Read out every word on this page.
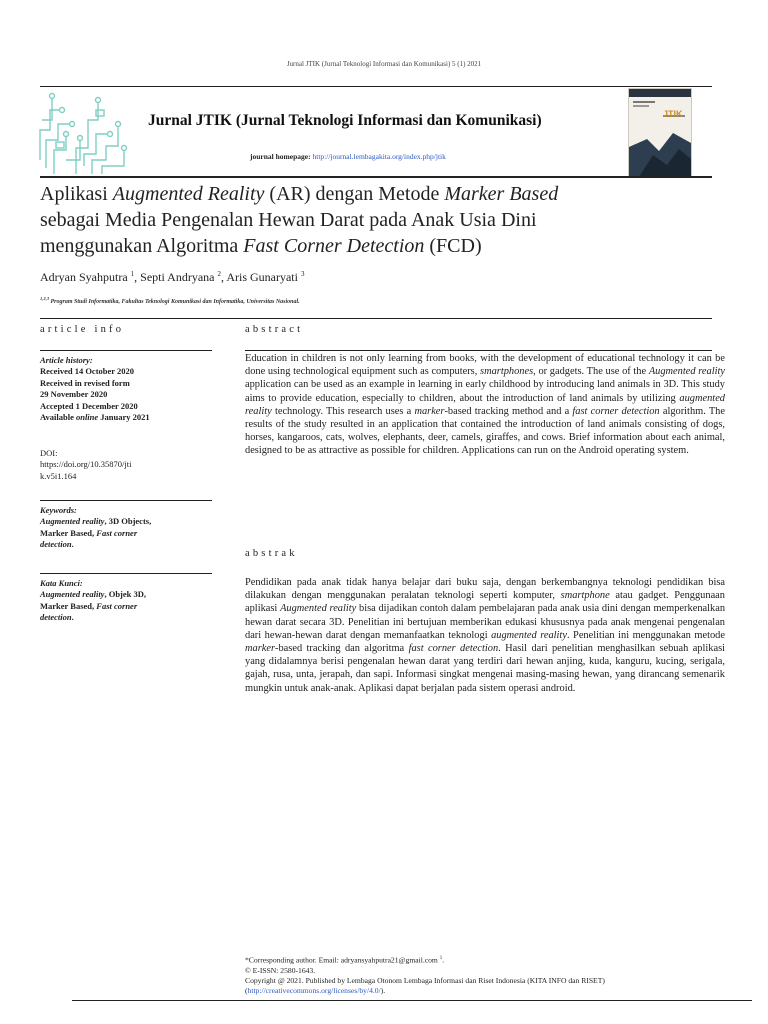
Jurnal JTIK (Jurnal Teknologi Informasi dan Komunikasi) 5 (1) 2021
Jurnal JTIK (Jurnal Teknologi Informasi dan Komunikasi)
journal homepage: http://journal.lembagakita.org/index.php/jtik
JTIK
Aplikasi Augmented Reality (AR) dengan Metode Marker Based
sebagai Media Pengenalan Hewan Darat pada Anak Usia Dini
menggunakan Algoritma Fast Corner Detection (FCD)
Adryan Syahputra $^1$, Septi Andryana $^2$, Aris Gunaryati $^3$
$^{1,2,3}$ Program Studi Informatika, Fakultas Teknologi Komunikasi dan Informatika, Universitas Nasional.
article info	abstract
Article history:
Received 14 October 2020
Received in revised form
29 November 2020
Accepted 1 December 2020
Available online January 2021
DOI:
https://doi.org/10.35870/jti
k.v5i1.164
Keywords:
Augmented reality, 3D Objects,
Marker Based, Fast corner
detection.
Kata Kunci:
Augmented reality, Objek 3D,
Marker Based, Fast corner
detection.
Education in children is not only learning from books, with the development of educational technology it can be done using technological equipment such as computers, smartphones, or gadgets. The use of the Augmented reality application can be used as an example in learning in early childhood by introducing land animals in 3D. This study aims to provide education, especially to children, about the introduction of land animals by utilizing augmented reality technology. This research uses a marker-based tracking method and a fast corner detection algorithm. The results of the study resulted in an application that contained the introduction of land animals consisting of dogs, horses, kangaroos, cats, wolves, elephants, deer, camels, giraffes, and cows. Brief information about each animal, designed to be as attractive as possible for children. Applications can run on the Android operating system.
abstrak
Pendidikan pada anak tidak hanya belajar dari buku saja, dengan berkembangnya teknologi pendidikan bisa dilakukan dengan menggunakan peralatan teknologi seperti komputer, smartphone atau gadget. Penggunaan aplikasi Augmented reality bisa dijadikan contoh dalam pembelajaran pada anak usia dini dengan memperkenalkan hewan darat secara 3D. Penelitian ini bertujuan memberikan edukasi khususnya pada anak mengenai pengenalan dari hewan-hewan darat dengan memanfaatkan teknologi augmented reality. Penelitian ini menggunakan metode marker-based tracking dan algoritma fast corner detection. Hasil dari penelitian menghasilkan sebuah aplikasi yang didalamnya berisi pengenalan hewan darat yang terdiri dari hewan anjing, kuda, kanguru, kucing, serigala, gajah, rusa, unta, jerapah, dan sapi. Informasi singkat mengenai masing-masing hewan, yang dirancang semenarik mungkin untuk anak-anak. Aplikasi dapat berjalan pada sistem operasi android.
*Corresponding author. Email: adryansyahputra21@gmail.com $^1$.
© E-ISSN: 2580-1643.
Copyright @ 2021. Published by Lembaga Otonom Lembaga Informasi dan Riset Indonesia (KITA INFO dan RISET)
(http://creativecommons.org/licenses/by/4.0/).
